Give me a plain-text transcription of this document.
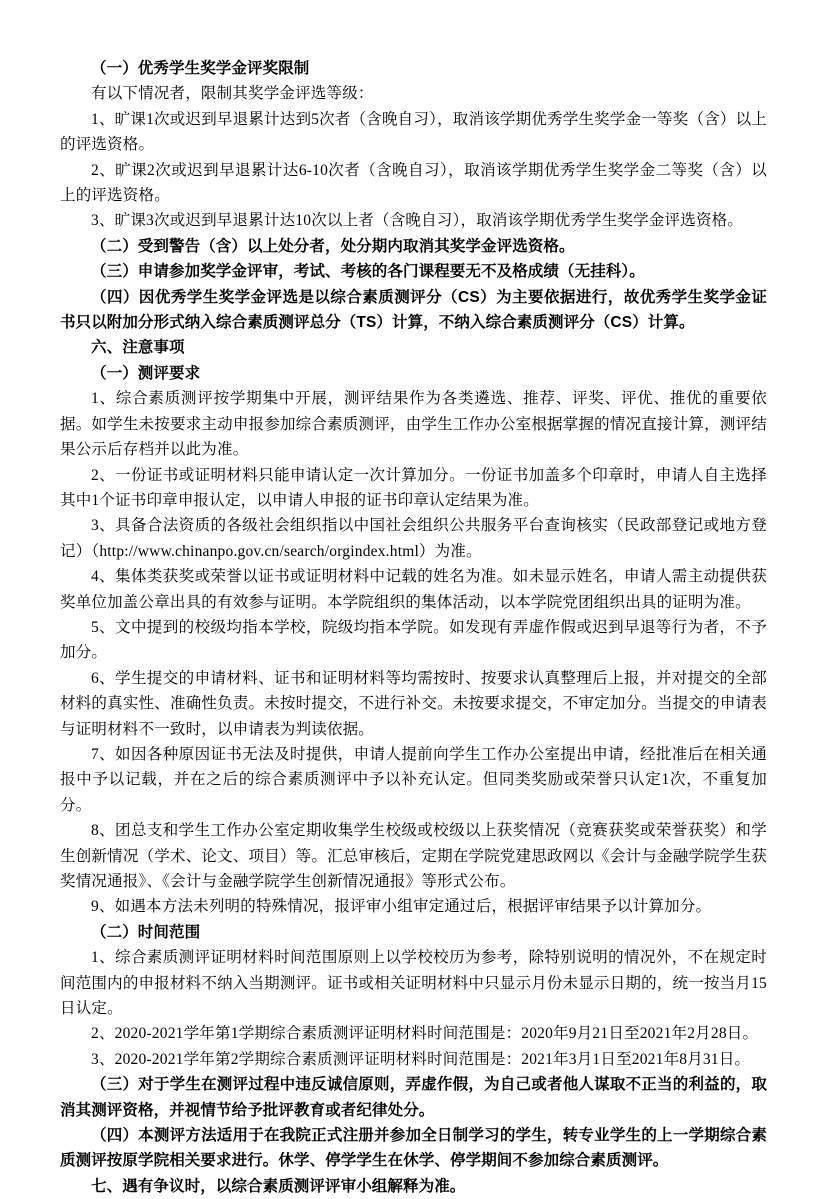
（一）优秀学生奖学金评奖限制

有以下情况者，限制其奖学金评选等级：

1、旷课1次或迟到早退累计达到5次者（含晚自习），取消该学期优秀学生奖学金一等奖（含）以上的评选资格。

2、旷课2次或迟到早退累计达6-10次者（含晚自习），取消该学期优秀学生奖学金二等奖（含）以上的评选资格。

3、旷课3次或迟到早退累计达10次以上者（含晚自习），取消该学期优秀学生奖学金评选资格。

（二）受到警告（含）以上处分者，处分期内取消其奖学金评选资格。

（三）申请参加奖学金评审，考试、考核的各门课程要无不及格成绩（无挂科）。

（四）因优秀学生奖学金评选是以综合素质测评分（CS）为主要依据进行，故优秀学生奖学金证书只以附加分形式纳入综合素质测评总分（TS）计算，不纳入综合素质测评分（CS）计算。

六、注意事项

（一）测评要求

1、综合素质测评按学期集中开展，测评结果作为各类遴选、推荐、评奖、评优、推优的重要依据。如学生未按要求主动申报参加综合素质测评，由学生工作办公室根据掌握的情况直接计算，测评结果公示后存档并以此为准。

2、一份证书或证明材料只能申请认定一次计算加分。一份证书加盖多个印章时，申请人自主选择其中1个证书印章申报认定，以申请人申报的证书印章认定结果为准。

3、具备合法资质的各级社会组织指以中国社会组织公共服务平台查询核实（民政部登记或地方登记）（http://www.chinanpo.gov.cn/search/orgindex.html）为准。

4、集体类获奖或荣誉以证书或证明材料中记载的姓名为准。如未显示姓名，申请人需主动提供获奖单位加盖公章出具的有效参与证明。本学院组织的集体活动，以本学院党团组织出具的证明为准。

5、文中提到的校级均指本学校，院级均指本学院。如发现有弄虚作假或迟到早退等行为者，不予加分。

6、学生提交的申请材料、证书和证明材料等均需按时、按要求认真整理后上报，并对提交的全部材料的真实性、准确性负责。未按时提交，不进行补交。未按要求提交，不审定加分。当提交的申请表与证明材料不一致时，以申请表为判读依据。

7、如因各种原因证书无法及时提供，申请人提前向学生工作办公室提出申请，经批准后在相关通报中予以记载，并在之后的综合素质测评中予以补充认定。但同类奖励或荣誉只认定1次，不重复加分。

8、团总支和学生工作办公室定期收集学生校级或校级以上获奖情况（竞赛获奖或荣誉获奖）和学生创新情况（学术、论文、项目）等。汇总审核后，定期在学院党建思政网以《会计与金融学院学生获奖情况通报》、《会计与金融学院学生创新情况通报》等形式公布。

9、如遇本方法未列明的特殊情况，报评审小组审定通过后，根据评审结果予以计算加分。

（二）时间范围

1、综合素质测评证明材料时间范围原则上以学校校历为参考，除特别说明的情况外，不在规定时间范围内的申报材料不纳入当期测评。证书或相关证明材料中只显示月份未显示日期的，统一按当月15日认定。

2、2020-2021学年第1学期综合素质测评证明材料时间范围是：2020年9月21日至2021年2月28日。

3、2020-2021学年第2学期综合素质测评证明材料时间范围是：2021年3月1日至2021年8月31日。

（三）对于学生在测评过程中违反诚信原则，弄虚作假，为自己或者他人谋取不正当的利益的，取消其测评资格，并视情节给予批评教育或者纪律处分。

（四）本测评方法适用于在我院正式注册并参加全日制学习的学生，转专业学生的上一学期综合素质测评按原学院相关要求进行。休学、停学学生在休学、停学期间不参加综合素质测评。

七、遇有争议时，以综合素质测评评审小组解释为准。
